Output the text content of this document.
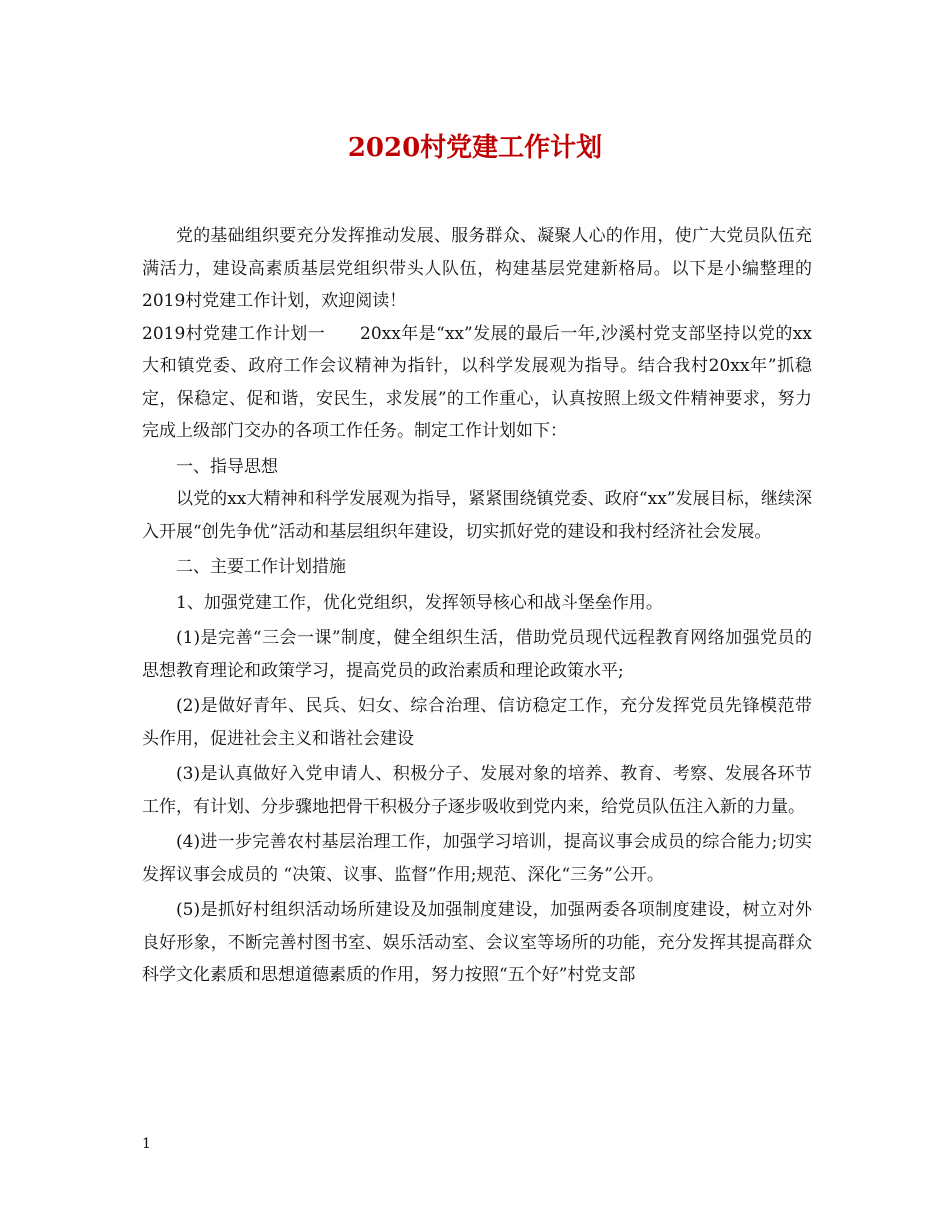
2020村党建工作计划

党的基础组织要充分发挥推动发展、服务群众、凝聚人心的作用，使广大党员队伍充满活力，建设高素质基层党组织带头人队伍，构建基层党建新格局。以下是小编整理的2019村党建工作计划，欢迎阅读！

2019村党建工作计划一　　20xx年是“xx”发展的最后一年,沙溪村党支部坚持以党的xx大和镇党委、政府工作会议精神为指针，以科学发展观为指导。结合我村20xx年”抓稳定，保稳定、促和谐，安民生，求发展”的工作重心，认真按照上级文件精神要求，努力完成上级部门交办的各项工作任务。制定工作计划如下：

一、指导思想

以党的xx大精神和科学发展观为指导，紧紧围绕镇党委、政府“xx”发展目标，继续深入开展“创先争优”活动和基层组织年建设，切实抓好党的建设和我村经济社会发展。

二、主要工作计划措施

1、加强党建工作，优化党组织，发挥领导核心和战斗堡垒作用。

(1)是完善“三会一课”制度，健全组织生活，借助党员现代远程教育网络加强党员的思想教育理论和政策学习，提高党员的政治素质和理论政策水平;

(2)是做好青年、民兵、妇女、综合治理、信访稳定工作，充分发挥党员先锋模范带头作用，促进社会主义和谐社会建设

(3)是认真做好入党申请人、积极分子、发展对象的培养、教育、考察、发展各环节工作，有计划、分步骤地把骨干积极分子逐步吸收到党内来，给党员队伍注入新的力量。

(4)进一步完善农村基层治理工作，加强学习培训，提高议事会成员的综合能力;切实发挥议事会成员的 “决策、议事、监督”作用;规范、深化“三务”公开。

(5)是抓好村组织活动场所建设及加强制度建设，加强两委各项制度建设，树立对外良好形象，不断完善村图书室、娱乐活动室、会议室等场所的功能，充分发挥其提高群众科学文化素质和思想道德素质的作用，努力按照“五个好”村党支部

1
